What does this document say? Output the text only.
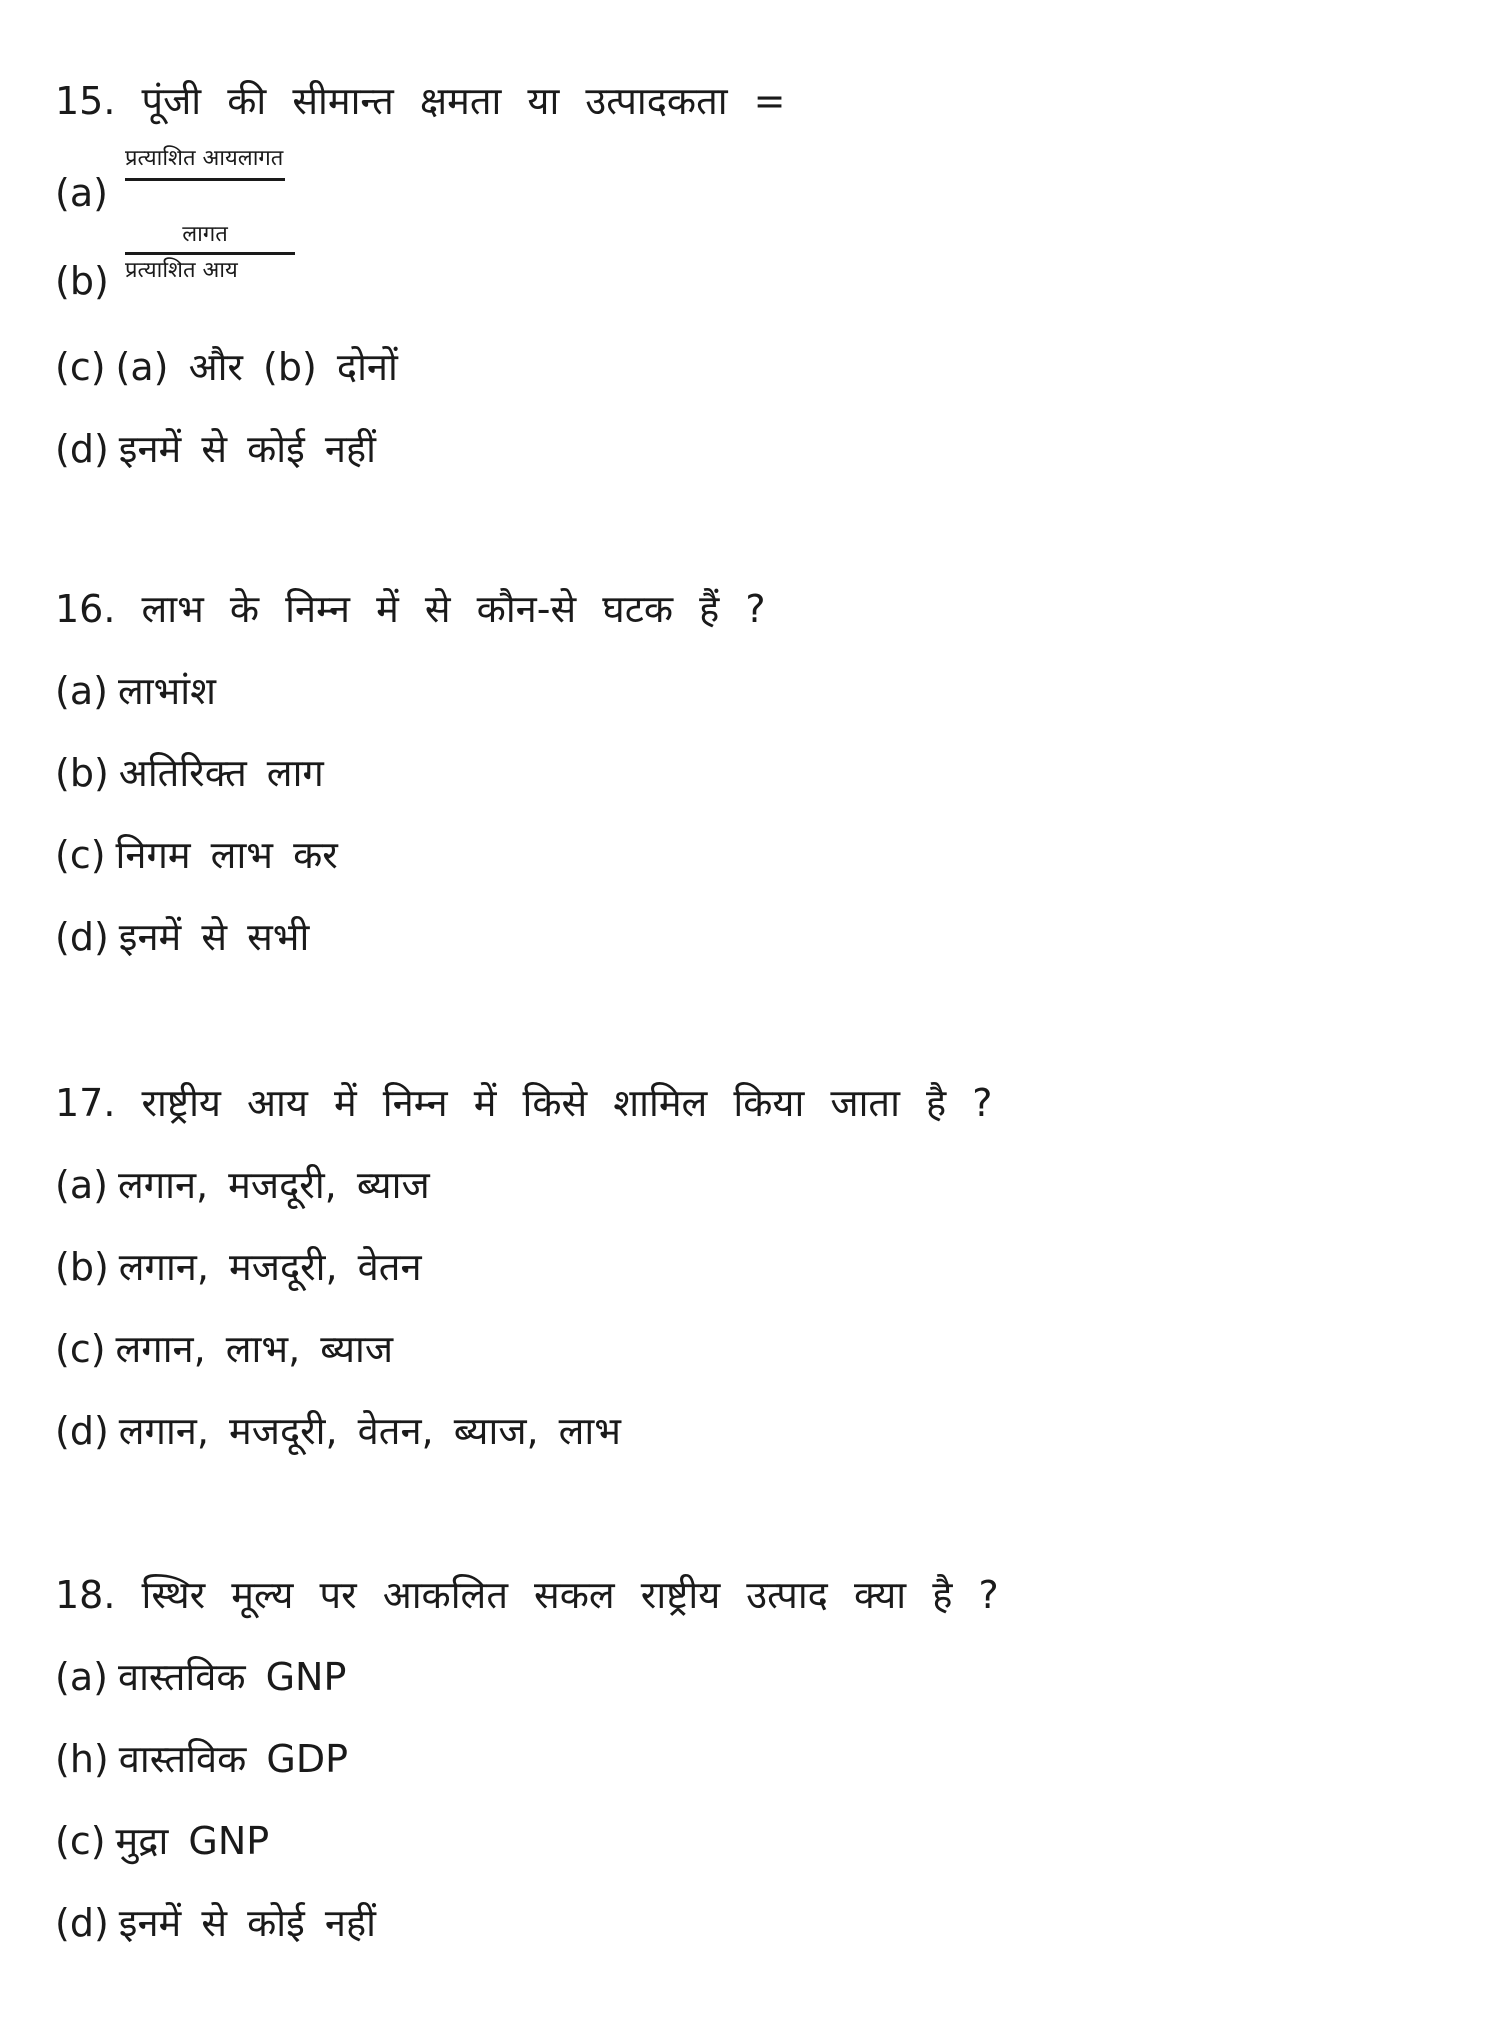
15. पूंजी की सीमान्त क्षमता या उत्पादकता =
(a)
प्रत्याशित आयलागत
(b)
लागत
प्रत्याशित आय
(c) (a) और (b) दोनों
(d) इनमें से कोई नहीं
16. लाभ के निम्न में से कौन-से घटक हैं ?
(a) लाभांश
(b) अतिरिक्त लाग
(c) निगम लाभ कर
(d) इनमें से सभी
17. राष्ट्रीय आय में निम्न में किसे शामिल किया जाता है ?
(a) लगान, मजदूरी, ब्याज
(b) लगान, मजदूरी, वेतन
(c) लगान, लाभ, ब्याज
(d) लगान, मजदूरी, वेतन, ब्याज, लाभ
18. स्थिर मूल्य पर आकलित सकल राष्ट्रीय उत्पाद क्या है ?
(a) वास्तविक GNP
(h) वास्तविक GDP
(c) मुद्रा GNP
(d) इनमें से कोई नहीं
